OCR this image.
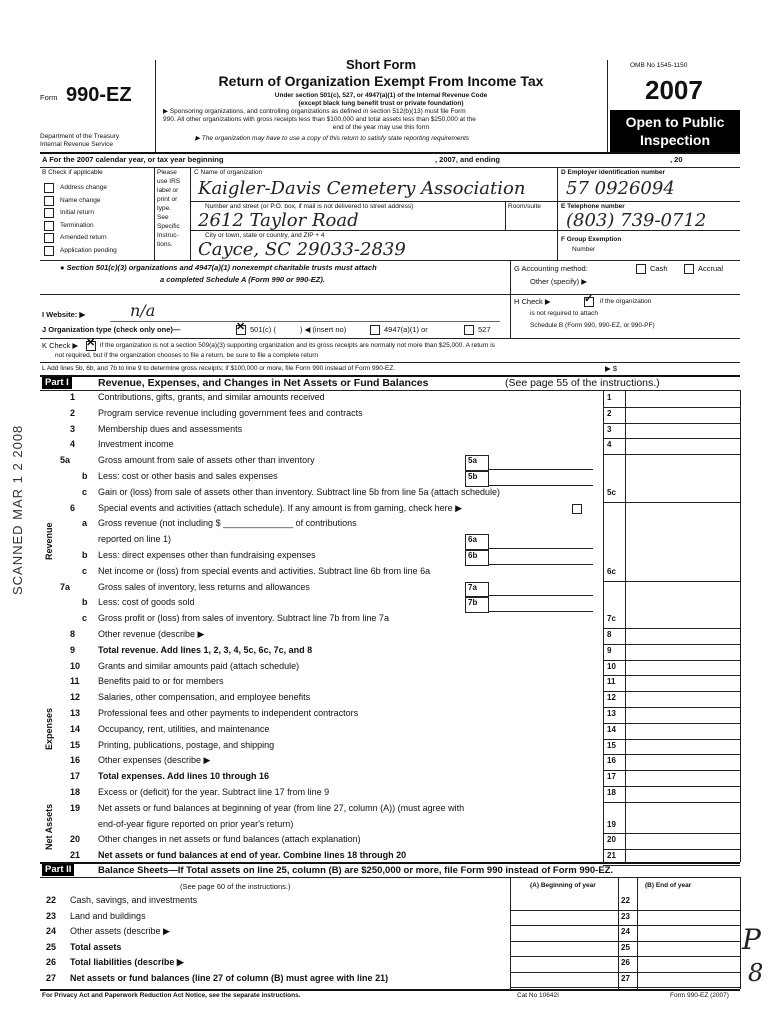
Form 990-EZ
Department of the Treasury
Internal Revenue Service
Short Form
Return of Organization Exempt From Income Tax
Under section 501(c), 527, or 4947(a)(1) of the Internal Revenue Code
(except black lung benefit trust or private foundation)
▶ Sponsoring organizations, and controlling organizations as defined in section 512(b)(13) must file Form
990. All other organizations with gross receipts less than $100,000 and total assets less than $250,000 at the
end of the year may use this form
▶ The organization may have to use a copy of this return to satisfy state reporting requirements
OMB No 1545-1150
2007
Open to Public
Inspection
A For the 2007 calendar year, or tax year beginning	, 2007, and ending	, 20
B Check if applicable
Address change
Name change
Initial return
Termination
Amended return
Application pending
Please
use IRS
label or
print or
type.
See
Specific
Instruc-
tions.
C Name of organization
Kaigler-Davis Cemetery Association
Number and street (or P.O. box, if mail is not delivered to street address)	Room/suite
2612 Taylor Road
City or town, state or country, and ZIP + 4
Cayce, SC 29033-2839
D Employer identification number
57 0926094
E Telephone number
(803) 739-0712
F Group Exemption
Number
● Section 501(c)(3) organizations and 4947(a)(1) nonexempt charitable trusts must attach
a completed Schedule A (Form 990 or 990-EZ).
G Accounting method:	Cash	Accrual
Other (specify) ▶
H Check ▶	✓ if the organization
is not required to attach
Schedule B (Form 990, 990-EZ, or 990-PF)
I Website: ▶	n/a
J Organization type (check only one)—	✕ 501(c) (	) ◀ (insert no)	4947(a)(1) or	527
K Check ▶ ✕ if the organization is not a section 509(a)(3) supporting organization and its gross receipts are normally not more than $25,000. A return is
not required, but if the organization chooses to file a return, be sure to file a complete return
L Add lines 5b, 6b, and 7b to line 9 to determine gross receipts; if $100,000 or more, file Form 990 instead of Form 990-EZ.	▶ $
Part I	Revenue, Expenses, and Changes in Net Assets or Fund Balances	(See page 55 of the instructions.)
Revenue
Expenses
Net Assets
SCANNED MAR 1 2 2008
1	Contributions, gifts, grants, and similar amounts received	1
2	Program service revenue including government fees and contracts	2
3	Membership dues and assessments	3
4	Investment income	4
5a	Gross amount from sale of assets other than inventory	5a
b Less: cost or other basis and sales expenses	5b
c Gain or (loss) from sale of assets other than inventory. Subtract line 5b from line 5a (attach schedule)	5c
6	Special events and activities (attach schedule). If any amount is from gaming, check here ▶
a Gross revenue (not including $ ______________ of contributions
reported on line 1)	6a
b Less: direct expenses other than fundraising expenses	6b
c Net income or (loss) from special events and activities. Subtract line 6b from line 6a	6c
7a	Gross sales of inventory, less returns and allowances	7a
b Less: cost of goods sold	7b
c Gross profit or (loss) from sales of inventory. Subtract line 7b from line 7a	7c
8	Other revenue (describe ▶	8
9	Total revenue. Add lines 1, 2, 3, 4, 5c, 6c, 7c, and 8	9
10 Grants and similar amounts paid (attach schedule)	10
11 Benefits paid to or for members	11
12 Salaries, other compensation, and employee benefits	12
13 Professional fees and other payments to independent contractors	13
14 Occupancy, rent, utilities, and maintenance	14
15 Printing, publications, postage, and shipping	15
16 Other expenses (describe ▶	16
17 Total expenses. Add lines 10 through 16	17
18 Excess or (deficit) for the year. Subtract line 17 from line 9	18
19 Net assets or fund balances at beginning of year (from line 27, column (A)) (must agree with
end-of-year figure reported on prior year's return)	19
20 Other changes in net assets or fund balances (attach explanation)	20
21 Net assets or fund balances at end of year. Combine lines 18 through 20	21
Part II	Balance Sheets—If Total assets on line 25, column (B) are $250,000 or more, file Form 990 instead of Form 990-EZ.
(See page 60 of the instructions.)	(A) Beginning of year	(B) End of year
22 Cash, savings, and investments	22
23 Land and buildings	23
24 Other assets (describe ▶	24
25 Total assets	25
26 Total liabilities (describe ▶	26
27 Net assets or fund balances (line 27 of column (B) must agree with line 21)	27
For Privacy Act and Paperwork Reduction Act Notice, see the separate instructions.	Cat No 10642I	Form 990-EZ (2007)
P
8
